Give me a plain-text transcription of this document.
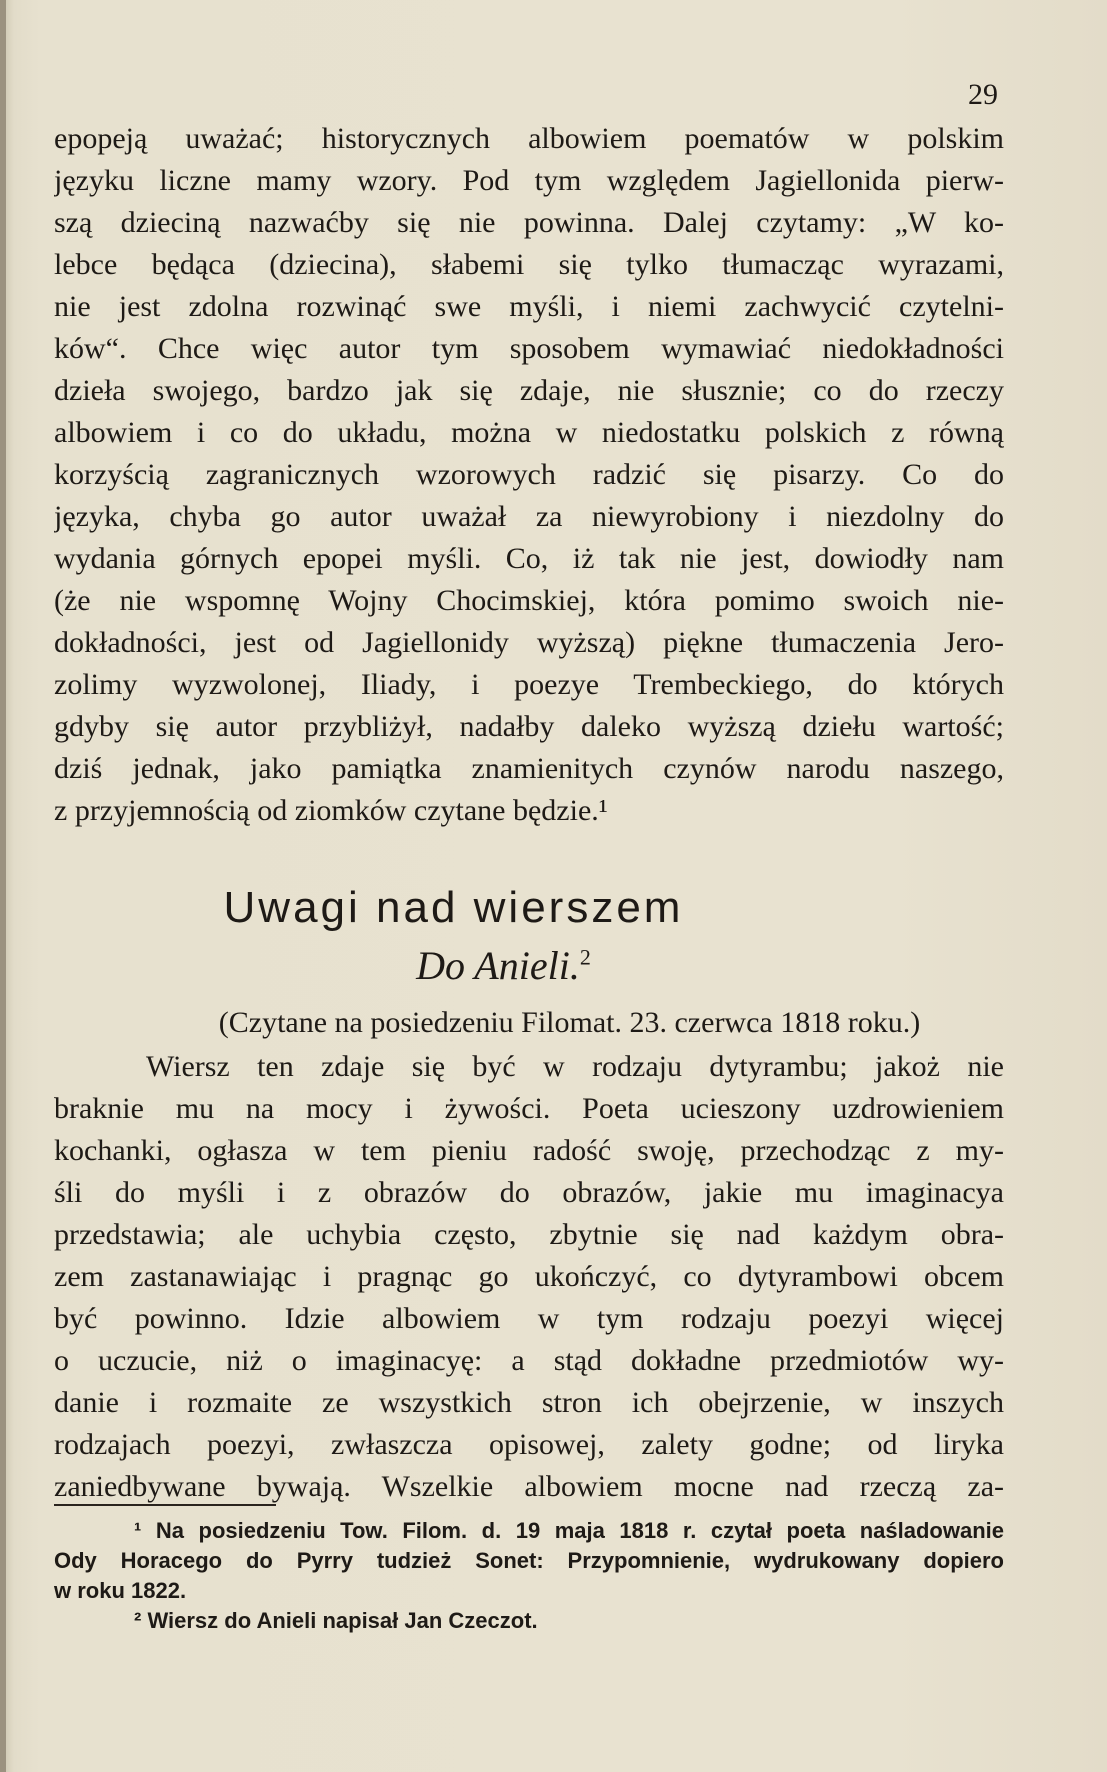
29
epopeją uważać; historycznych albowiem poematów w polskim
języku liczne mamy wzory. Pod tym względem Jagiellonida pierw-
szą dzieciną nazwaćby się nie powinna. Dalej czytamy: „W ko-
lebce będąca (dziecina), słabemi się tylko tłumacząc wyrazami,
nie jest zdolna rozwinąć swe myśli, i niemi zachwycić czytelni-
ków“. Chce więc autor tym sposobem wymawiać niedokładności
dzieła swojego, bardzo jak się zdaje, nie słusznie; co do rzeczy
albowiem i co do układu, można w niedostatku polskich z równą
korzyścią zagranicznych wzorowych radzić się pisarzy. Co do
języka, chyba go autor uważał za niewyrobiony i niezdolny do
wydania górnych epopei myśli. Co, iż tak nie jest, dowiodły nam
(że nie wspomnę Wojny Chocimskiej, która pomimo swoich nie-
dokładności, jest od Jagiellonidy wyższą) piękne tłumaczenia Jero-
zolimy wyzwolonej, Iliady, i poezye Trembeckiego, do których
gdyby się autor przybliżył, nadałby daleko wyższą dziełu wartość;
dziś jednak, jako pamiątka znamienitych czynów narodu naszego,
z przyjemnością od ziomków czytane będzie.¹
Uwagi nad wierszem
Do Anieli.$^2$
(Czytane na posiedzeniu Filomat. 23. czerwca 1818 roku.)
Wiersz ten zdaje się być w rodzaju dytyrambu; jakoż nie
braknie mu na mocy i żywości. Poeta ucieszony uzdrowieniem
kochanki, ogłasza w tem pieniu radość swoję, przechodząc z my-
śli do myśli i z obrazów do obrazów, jakie mu imaginacya
przedstawia; ale uchybia często, zbytnie się nad każdym obra-
zem zastanawiając i pragnąc go ukończyć, co dytyrambowi obcem
być powinno. Idzie albowiem w tym rodzaju poezyi więcej
o uczucie, niż o imaginacyę: a stąd dokładne przedmiotów wy-
danie i rozmaite ze wszystkich stron ich obejrzenie, w inszych
rodzajach poezyi, zwłaszcza opisowej, zalety godne; od liryka
zaniedbywane bywają. Wszelkie albowiem mocne nad rzeczą za-
¹ Na posiedzeniu Tow. Filom. d. 19 maja 1818 r. czytał poeta naśladowanie
Ody Horacego do Pyrry tudzież Sonet: Przypomnienie, wydrukowany dopiero
w roku 1822.
² Wiersz do Anieli napisał Jan Czeczot.
